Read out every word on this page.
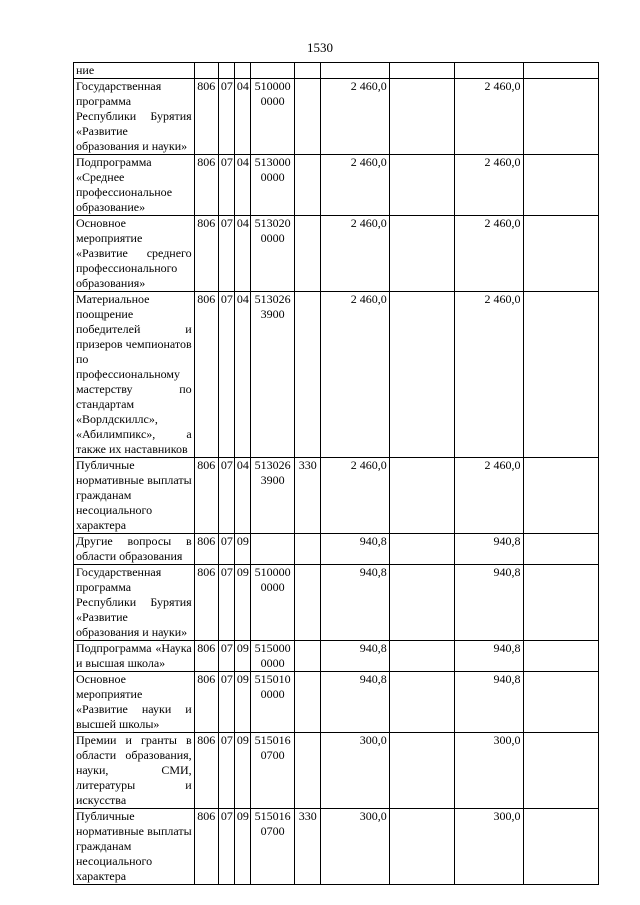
1530
ние									
Государственная программа Республики Бурятия «Развитие образования и науки»	806	07	04	5100000000		2 460,0		2 460,0	
Подпрограмма «Среднее профессиональное образование»	806	07	04	5130000000		2 460,0		2 460,0	
Основное мероприятие «Развитие среднего профессионального образования»	806	07	04	5130200000		2 460,0		2 460,0	
Материальное поощрение победителей и призеров чемпионатов по профессиональному мастерству по стандартам «Ворлдскиллс», «Абилимпикс», а также их наставников	806	07	04	5130263900		2 460,0		2 460,0	
Публичные нормативные выплаты гражданам несоциального характера	806	07	04	5130263900	330	2 460,0		2 460,0	
Другие вопросы в области образования	806	07	09			940,8		940,8	
Государственная программа Республики Бурятия «Развитие образования и науки»	806	07	09	5100000000		940,8		940,8	
Подпрограмма «Наука и высшая школа»	806	07	09	5150000000		940,8		940,8	
Основное мероприятие «Развитие науки и высшей школы»	806	07	09	5150100000		940,8		940,8	
Премии и гранты в области образования, науки, СМИ, литературы и искусства	806	07	09	5150160700		300,0		300,0	
Публичные нормативные выплаты гражданам несоциального характера	806	07	09	5150160700	330	300,0		300,0	
